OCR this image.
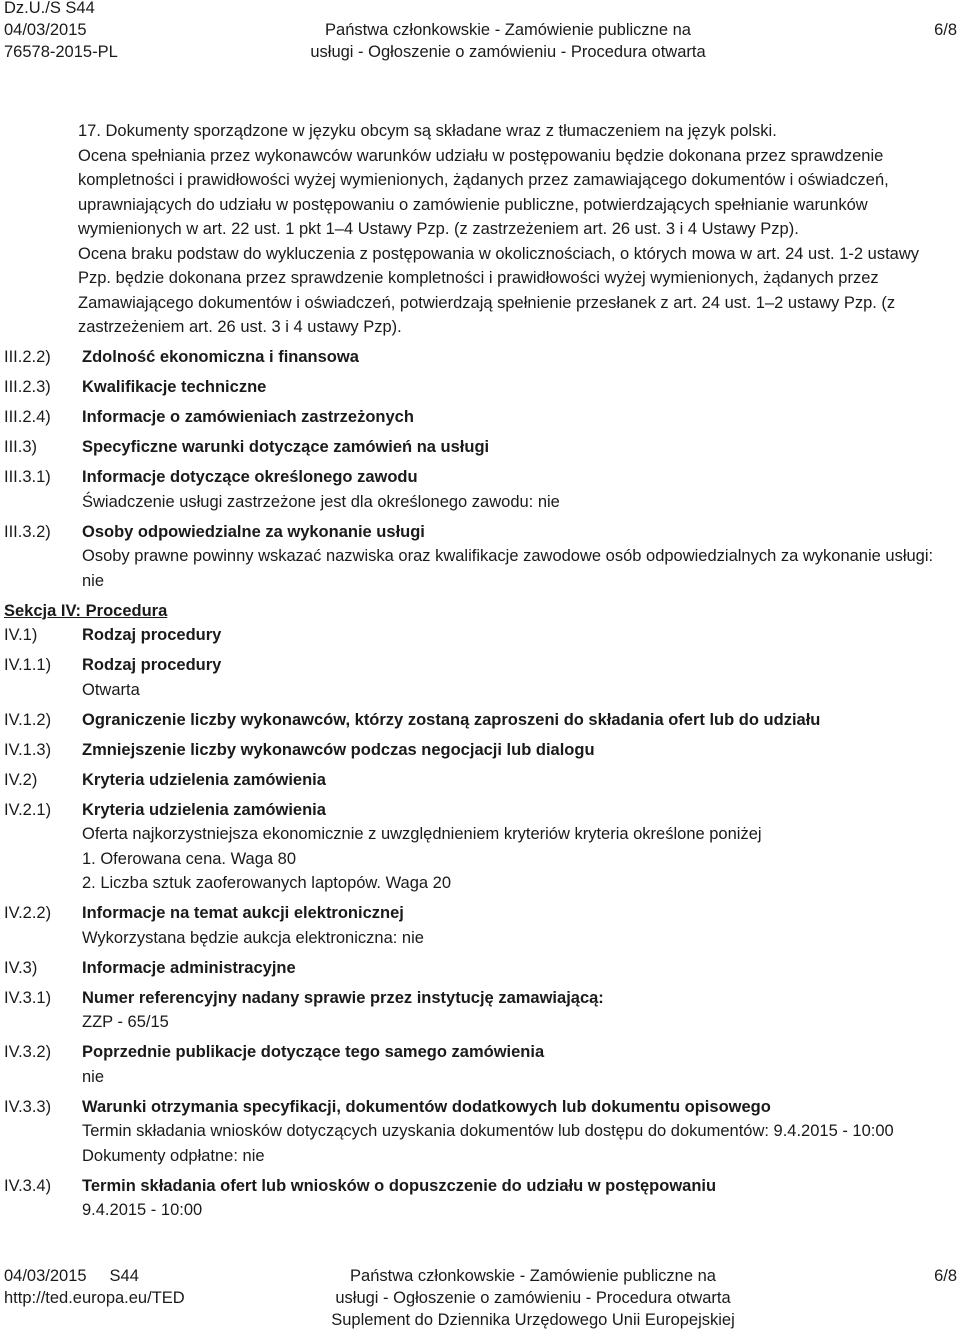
Dz.U./S S44
04/03/2015
76578-2015-PL
Państwa członkowskie - Zamówienie publiczne na
usługi - Ogłoszenie o zamówieniu - Procedura otwarta
6/8
17. Dokumenty sporządzone w języku obcym są składane wraz z tłumaczeniem na język polski.
Ocena spełniania przez wykonawców warunków udziału w postępowaniu będzie dokonana przez sprawdzenie kompletności i prawidłowości wyżej wymienionych, żądanych przez zamawiającego dokumentów i oświadczeń, uprawniających do udziału w postępowaniu o zamówienie publiczne, potwierdzających spełnianie warunków wymienionych w art. 22 ust. 1 pkt 1–4 Ustawy Pzp. (z zastrzeżeniem art. 26 ust. 3 i 4 Ustawy Pzp).
Ocena braku podstaw do wykluczenia z postępowania w okolicznościach, o których mowa w art. 24 ust. 1-2 ustawy Pzp. będzie dokonana przez sprawdzenie kompletności i prawidłowości wyżej wymienionych, żądanych przez Zamawiającego dokumentów i oświadczeń, potwierdzają spełnienie przesłanek z art. 24 ust. 1–2 ustawy Pzp. (z zastrzeżeniem art. 26 ust. 3 i 4 ustawy Pzp).
III.2.2)	Zdolność ekonomiczna i finansowa
III.2.3)	Kwalifikacje techniczne
III.2.4)	Informacje o zamówieniach zastrzeżonych
III.3)	Specyficzne warunki dotyczące zamówień na usługi
III.3.1)	Informacje dotyczące określonego zawodu
Świadczenie usługi zastrzeżone jest dla określonego zawodu: nie
III.3.2)	Osoby odpowiedzialne za wykonanie usługi
Osoby prawne powinny wskazać nazwiska oraz kwalifikacje zawodowe osób odpowiedzialnych za wykonanie usługi: nie
Sekcja IV: Procedura
IV.1)	Rodzaj procedury
IV.1.1)	Rodzaj procedury
Otwarta
IV.1.2)	Ograniczenie liczby wykonawców, którzy zostaną zaproszeni do składania ofert lub do udziału
IV.1.3)	Zmniejszenie liczby wykonawców podczas negocjacji lub dialogu
IV.2)	Kryteria udzielenia zamówienia
IV.2.1)	Kryteria udzielenia zamówienia
Oferta najkorzystniejsza ekonomicznie z uwzględnieniem kryteriów kryteria określone poniżej
1. Oferowana cena. Waga 80
2. Liczba sztuk zaoferowanych laptopów. Waga 20
IV.2.2)	Informacje na temat aukcji elektronicznej
Wykorzystana będzie aukcja elektroniczna: nie
IV.3)	Informacje administracyjne
IV.3.1)	Numer referencyjny nadany sprawie przez instytucję zamawiającą:
ZZP - 65/15
IV.3.2)	Poprzednie publikacje dotyczące tego samego zamówienia
nie
IV.3.3)	Warunki otrzymania specyfikacji, dokumentów dodatkowych lub dokumentu opisowego
Termin składania wniosków dotyczących uzyskania dokumentów lub dostępu do dokumentów: 9.4.2015 - 10:00
Dokumenty odpłatne: nie
IV.3.4)	Termin składania ofert lub wniosków o dopuszczenie do udziału w postępowaniu
9.4.2015 - 10:00
04/03/2015 S44
http://ted.europa.eu/TED
Państwa członkowskie - Zamówienie publiczne na
usługi - Ogłoszenie o zamówieniu - Procedura otwarta
Suplement do Dziennika Urzędowego Unii Europejskiej
6/8
